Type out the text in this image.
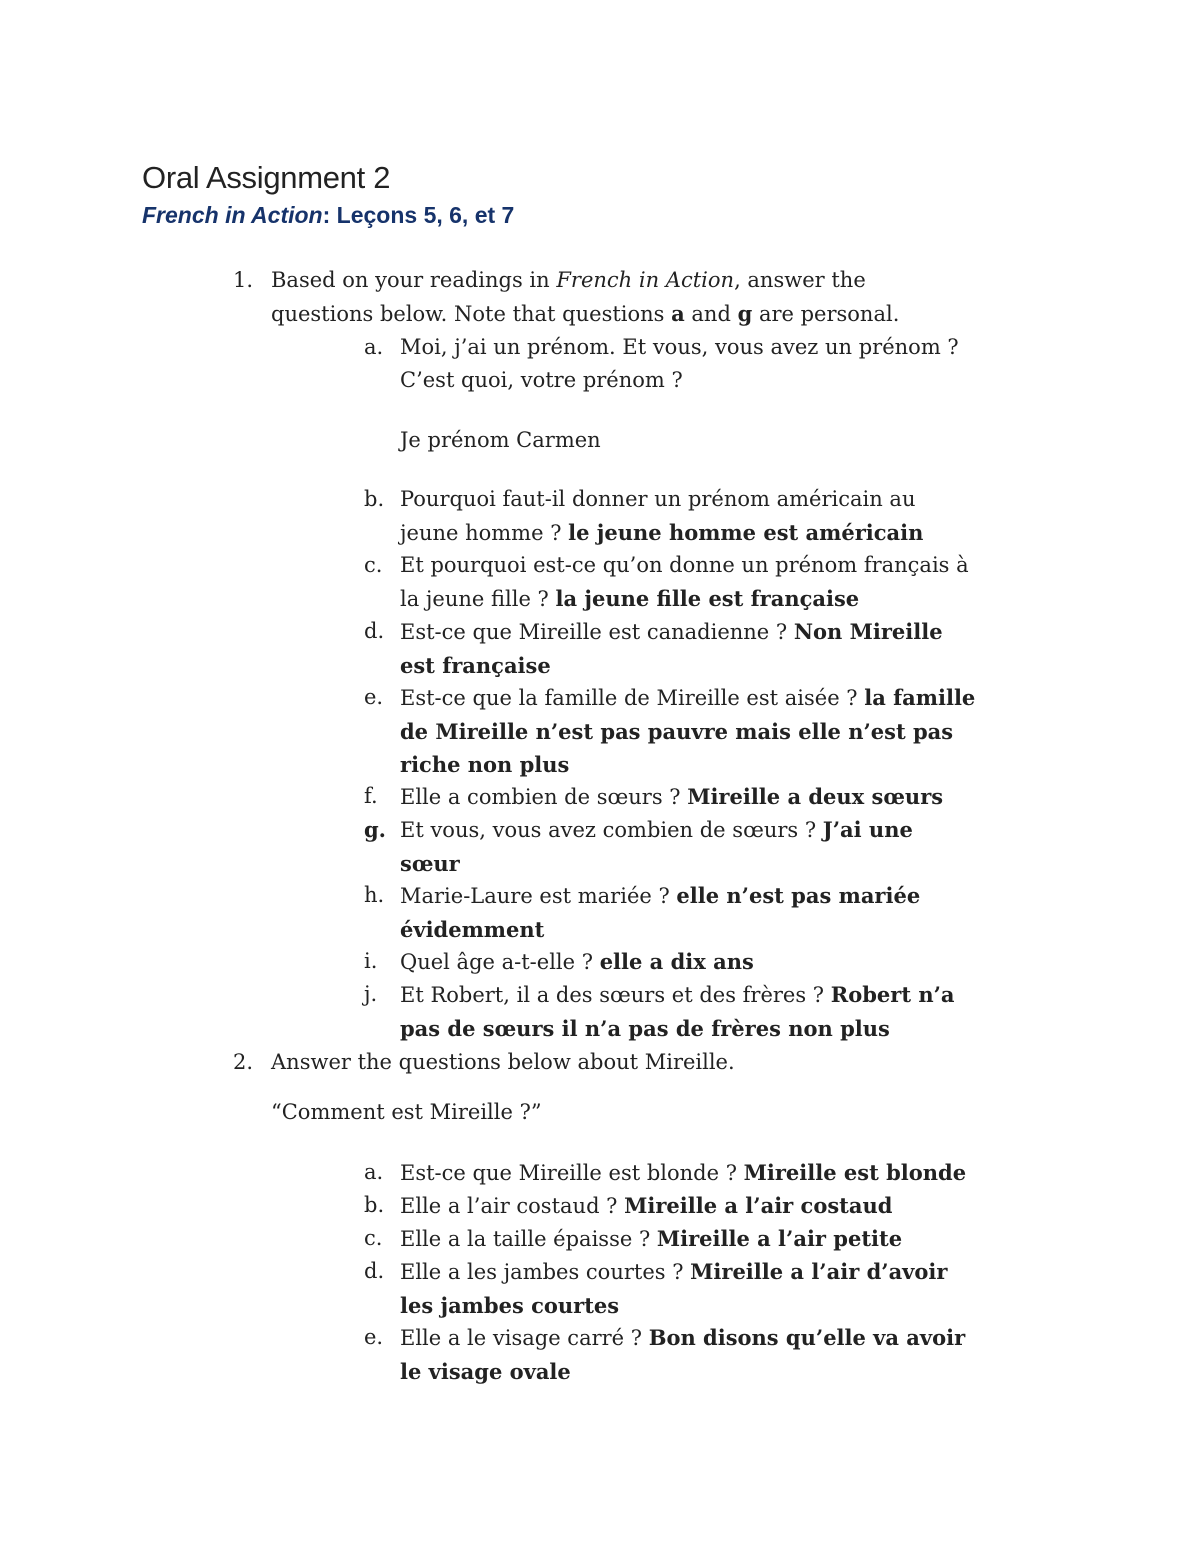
Oral Assignment 2
French in Action: Leçons 5, 6, et 7
1. Based on your readings in French in Action, answer the
questions below. Note that questions a and g are personal.
a. Moi, j’ai un prénom. Et vous, vous avez un prénom ?
C’est quoi, votre prénom ?
Je prénom Carmen
b. Pourquoi faut-il donner un prénom américain au
jeune homme ? le jeune homme est américain
c. Et pourquoi est-ce qu’on donne un prénom français à
la jeune fille ? la jeune fille est française
d. Est-ce que Mireille est canadienne ? Non Mireille
est française
e. Est-ce que la famille de Mireille est aisée ? la famille
de Mireille n’est pas pauvre mais elle n’est pas
riche non plus
f. Elle a combien de sœurs ? Mireille a deux sœurs
g. Et vous, vous avez combien de sœurs ? J’ai une
sœur
h. Marie-Laure est mariée ? elle n’est pas mariée
évidemment
i. Quel âge a-t-elle ? elle a dix ans
j. Et Robert, il a des sœurs et des frères ? Robert n’a
pas de sœurs il n’a pas de frères non plus
2. Answer the questions below about Mireille.
“Comment est Mireille ?”
a. Est-ce que Mireille est blonde ? Mireille est blonde
b. Elle a l’air costaud ? Mireille a l’air costaud
c. Elle a la taille épaisse ? Mireille a l’air petite
d. Elle a les jambes courtes ? Mireille a l’air d’avoir
les jambes courtes
e. Elle a le visage carré ? Bon disons qu’elle va avoir
le visage ovale
